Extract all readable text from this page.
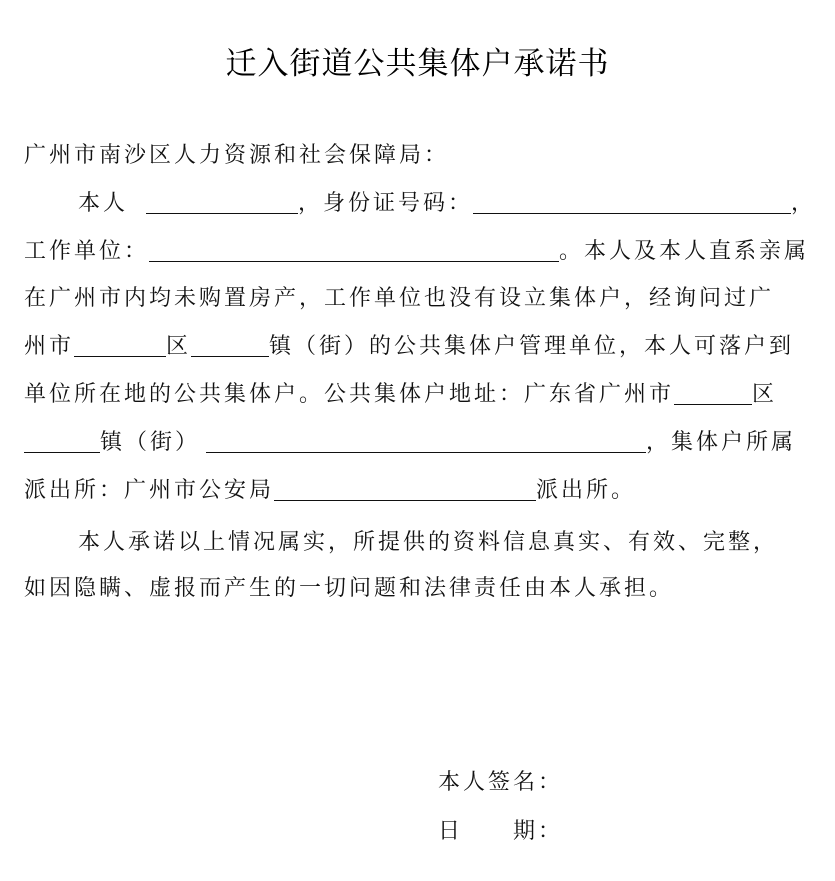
迁入街道公共集体户承诺书
广州市南沙区人力资源和社会保障局：
本人	，身份证号码：	，
工作单位：	。本人及本人直系亲属
在广州市内均未购置房产，工作单位也没有设立集体户，经询问过广
州市	区	镇（街）的公共集体户管理单位，本人可落户到
单位所在地的公共集体户。公共集体户地址：广东省广州市	区
镇（街）	，集体户所属
派出所：广州市公安局	派出所。
本人承诺以上情况属实，所提供的资料信息真实、有效、完整，
如因隐瞒、虚报而产生的一切问题和法律责任由本人承担。
本人签名：
日　　期：
